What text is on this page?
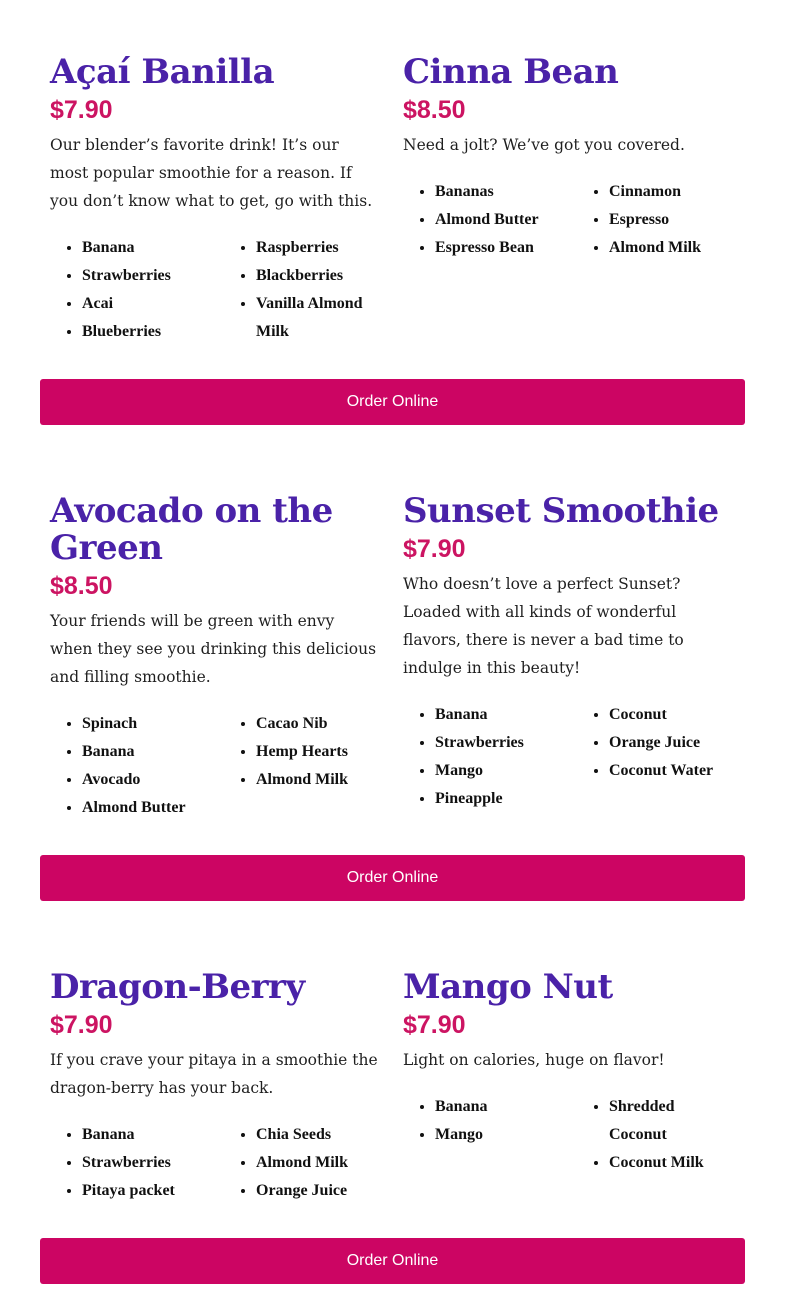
Açaí Banilla
$7.90

Our blender’s favorite drink! It’s our most popular smoothie for a reason. If you don’t know what to get, go with this.

• Banana
• Strawberries
• Acai
• Blueberries
• Raspberries
• Blackberries
• Vanilla Almond Milk
Cinna Bean
$8.50

Need a jolt? We’ve got you covered.

• Bananas
• Almond Butter
• Espresso Bean
• Cinnamon
• Espresso
• Almond Milk
Order Online
Avocado on the Green
$8.50

Your friends will be green with envy when they see you drinking this delicious and filling smoothie.

• Spinach
• Banana
• Avocado
• Almond Butter
• Cacao Nib
• Hemp Hearts
• Almond Milk
Sunset Smoothie
$7.90

Who doesn’t love a perfect Sunset? Loaded with all kinds of wonderful flavors, there is never a bad time to indulge in this beauty!

• Banana
• Strawberries
• Mango
• Pineapple
• Coconut
• Orange Juice
• Coconut Water
Order Online
Dragon-Berry
$7.90

If you crave your pitaya in a smoothie the dragon-berry has your back.

• Banana
• Strawberries
• Pitaya packet
• Chia Seeds
• Almond Milk
• Orange Juice
Mango Nut
$7.90

Light on calories, huge on flavor!

• Banana
• Mango
• Shredded Coconut
• Coconut Milk
Order Online
